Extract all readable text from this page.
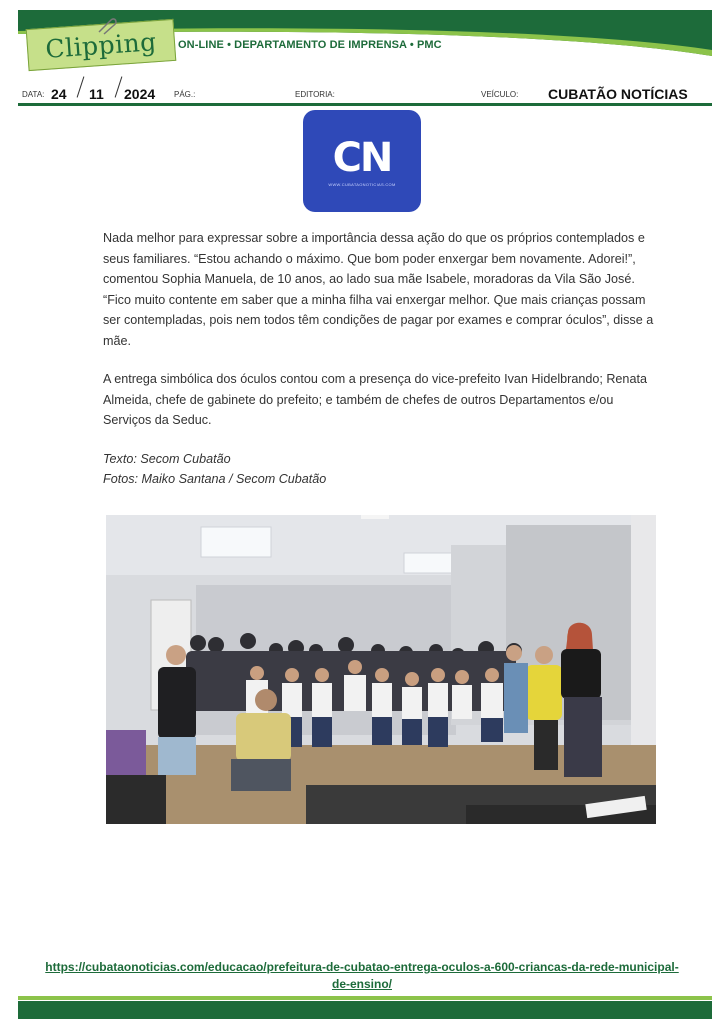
Clipping ON-LINE • DEPARTAMENTO DE IMPRENSA • PMC
DATA: 24 11 2024 PÁG.:	EDITORIA:	VEÍCULO: CUBATÃO NOTÍCIAS
CN
WWW.CUBATAONOTICIAS.COM

Nada melhor para expressar sobre a importância dessa ação do que os próprios contemplados e seus familiares. “Estou achando o máximo. Que bom poder enxergar bem novamente. Adorei!”, comentou Sophia Manuela, de 10 anos, ao lado sua mãe Isabele, moradoras da Vila São José. “Fico muito contente em saber que a minha filha vai enxergar melhor. Que mais crianças possam ser contempladas, pois nem todos têm condições de pagar por exames e comprar óculos”, disse a mãe.

A entrega simbólica dos óculos contou com a presença do vice-prefeito Ivan Hidelbrando; Renata Almeida, chefe de gabinete do prefeito; e também de chefes de outros Departamentos e/ou Serviços da Seduc.

Texto: Secom Cubatão

Fotos: Maiko Santana / Secom Cubatão

https://cubataonoticias.com/educacao/prefeitura-de-cubatao-entrega-oculos-a-600-criancas-da-rede-municipal-de-ensino/
